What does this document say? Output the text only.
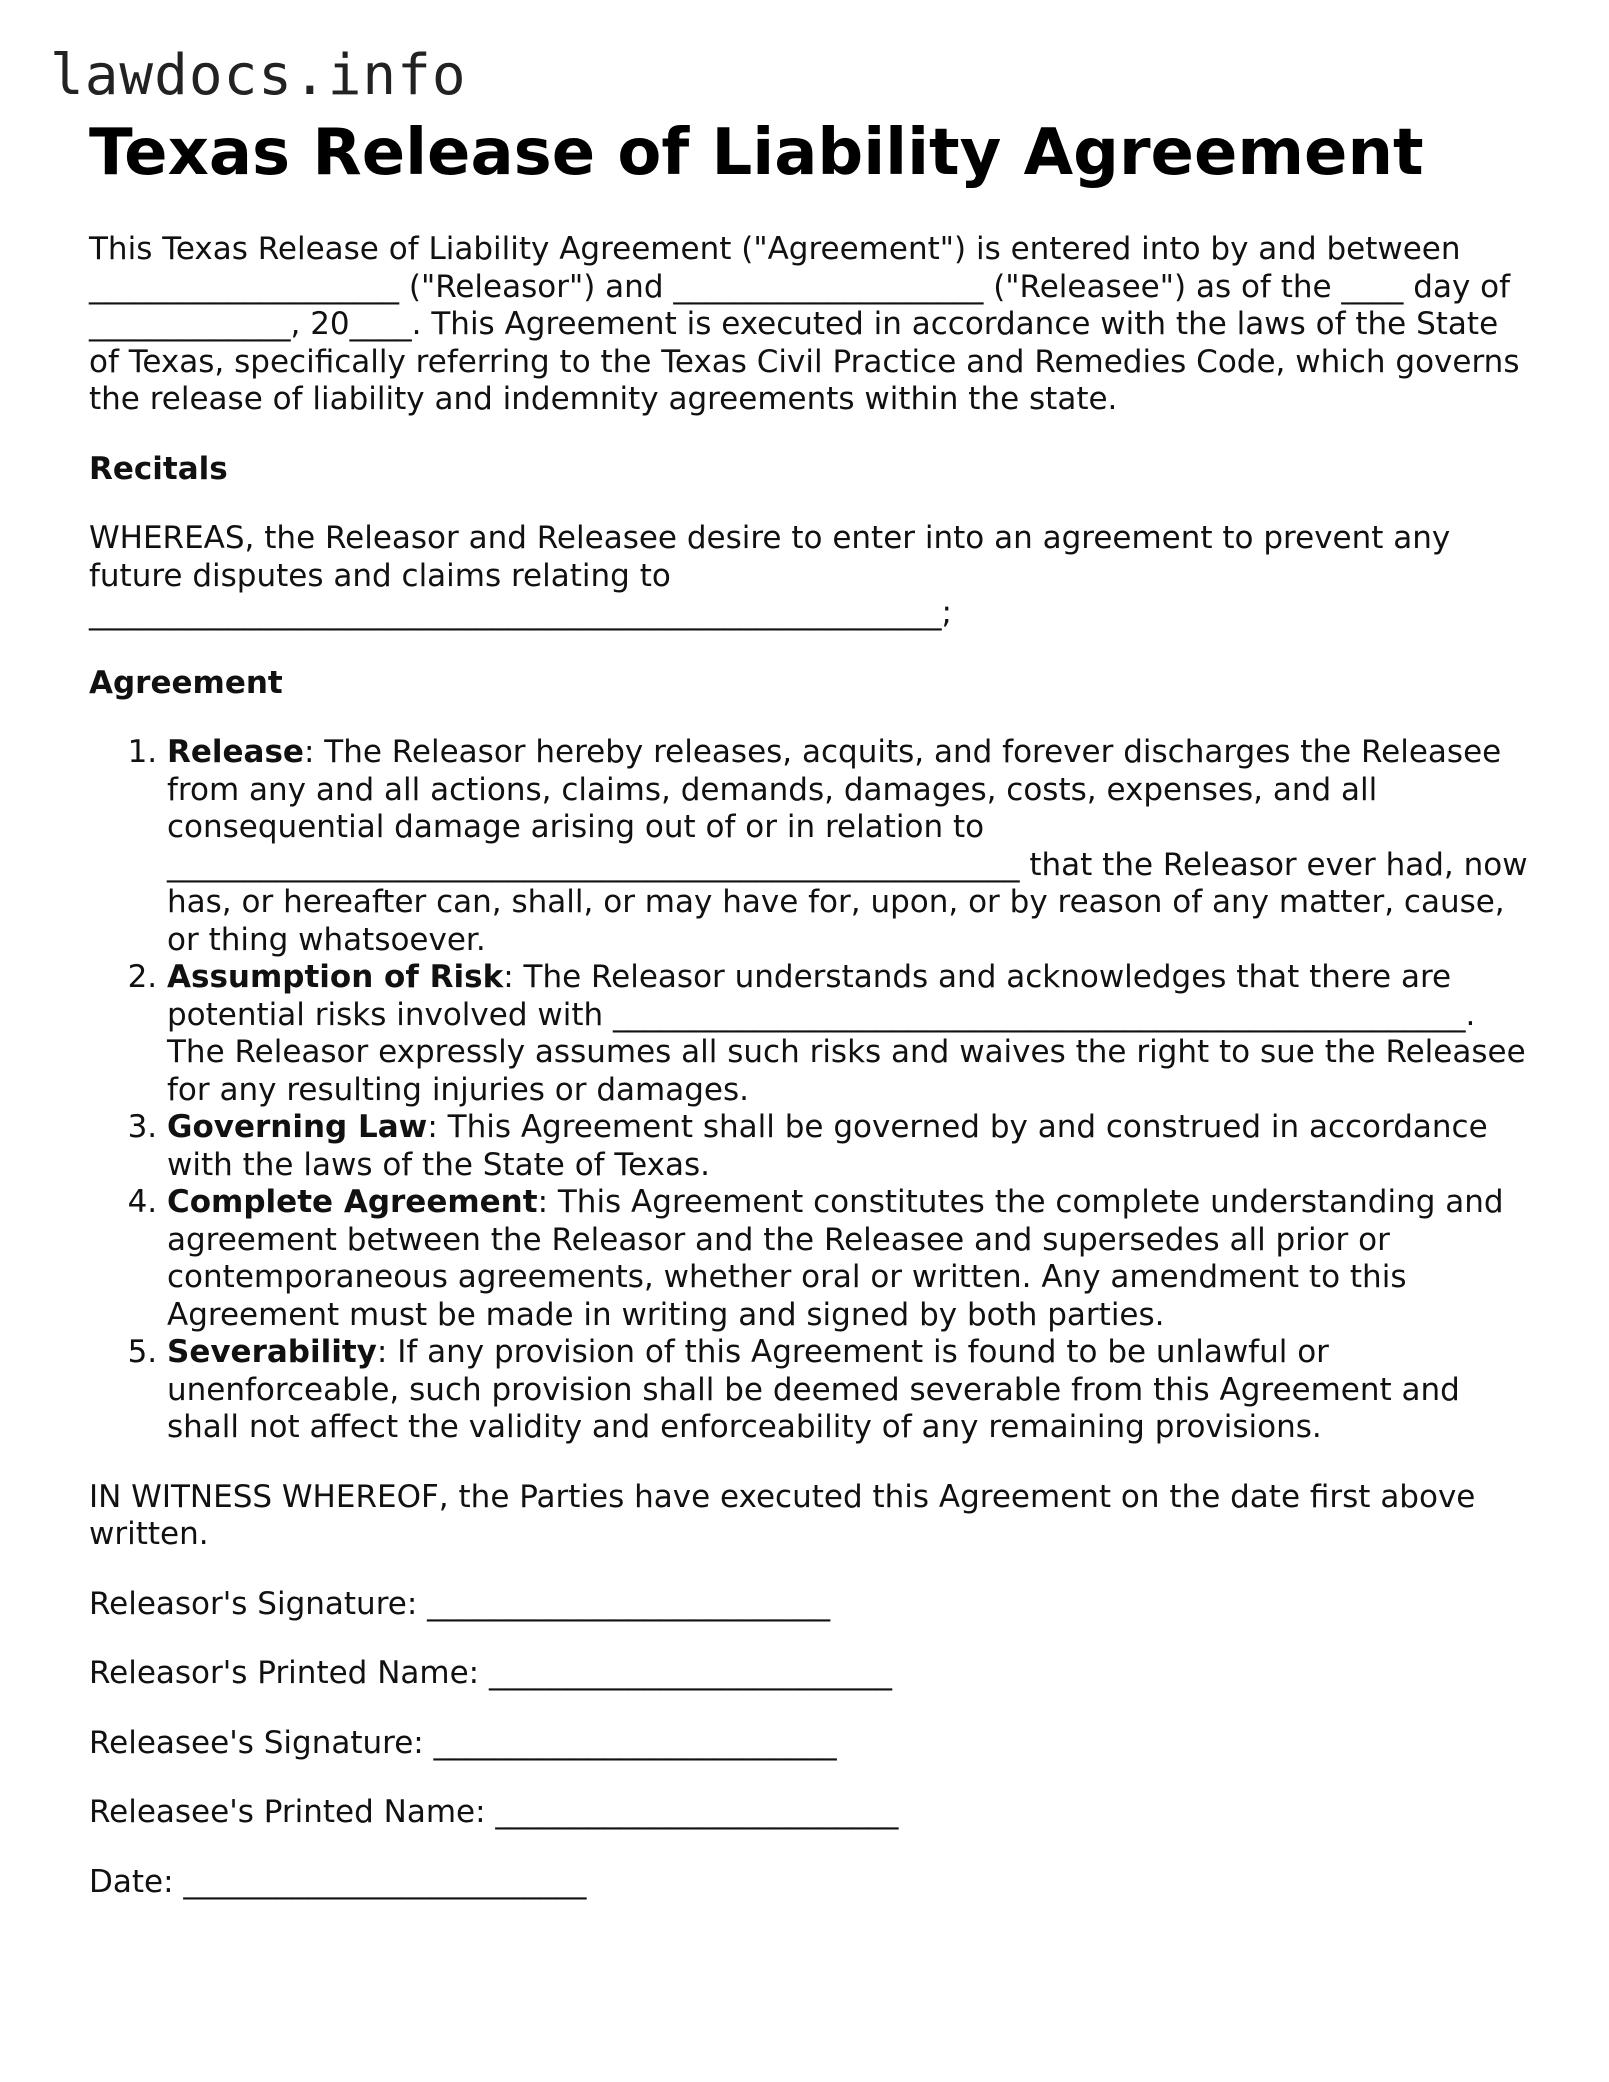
lawdocs.info
Texas Release of Liability Agreement

This Texas Release of Liability Agreement ("Agreement") is entered into by and between ____________________ ("Releasor") and ____________________ ("Releasee") as of the ____ day of _____________, 20____. This Agreement is executed in accordance with the laws of the State of Texas, specifically referring to the Texas Civil Practice and Remedies Code, which governs the release of liability and indemnity agreements within the state.

Recitals

WHEREAS, the Releasor and Releasee desire to enter into an agreement to prevent any future disputes and claims relating to _______________________________________________________;

Agreement

1. Release: The Releasor hereby releases, acquits, and forever discharges the Releasee from any and all actions, claims, demands, damages, costs, expenses, and all consequential damage arising out of or in relation to _______________________________________________________ that the Releasor ever had, now has, or hereafter can, shall, or may have for, upon, or by reason of any matter, cause, or thing whatsoever.
2. Assumption of Risk: The Releasor understands and acknowledges that there are potential risks involved with _______________________________________________________. The Releasor expressly assumes all such risks and waives the right to sue the Releasee for any resulting injuries or damages.
3. Governing Law: This Agreement shall be governed by and construed in accordance with the laws of the State of Texas.
4. Complete Agreement: This Agreement constitutes the complete understanding and agreement between the Releasor and the Releasee and supersedes all prior or contemporaneous agreements, whether oral or written. Any amendment to this Agreement must be made in writing and signed by both parties.
5. Severability: If any provision of this Agreement is found to be unlawful or unenforceable, such provision shall be deemed severable from this Agreement and shall not affect the validity and enforceability of any remaining provisions.

IN WITNESS WHEREOF, the Parties have executed this Agreement on the date first above written.

Releasor's Signature: __________________________

Releasor's Printed Name: __________________________

Releasee's Signature: __________________________

Releasee's Printed Name: __________________________

Date: __________________________
